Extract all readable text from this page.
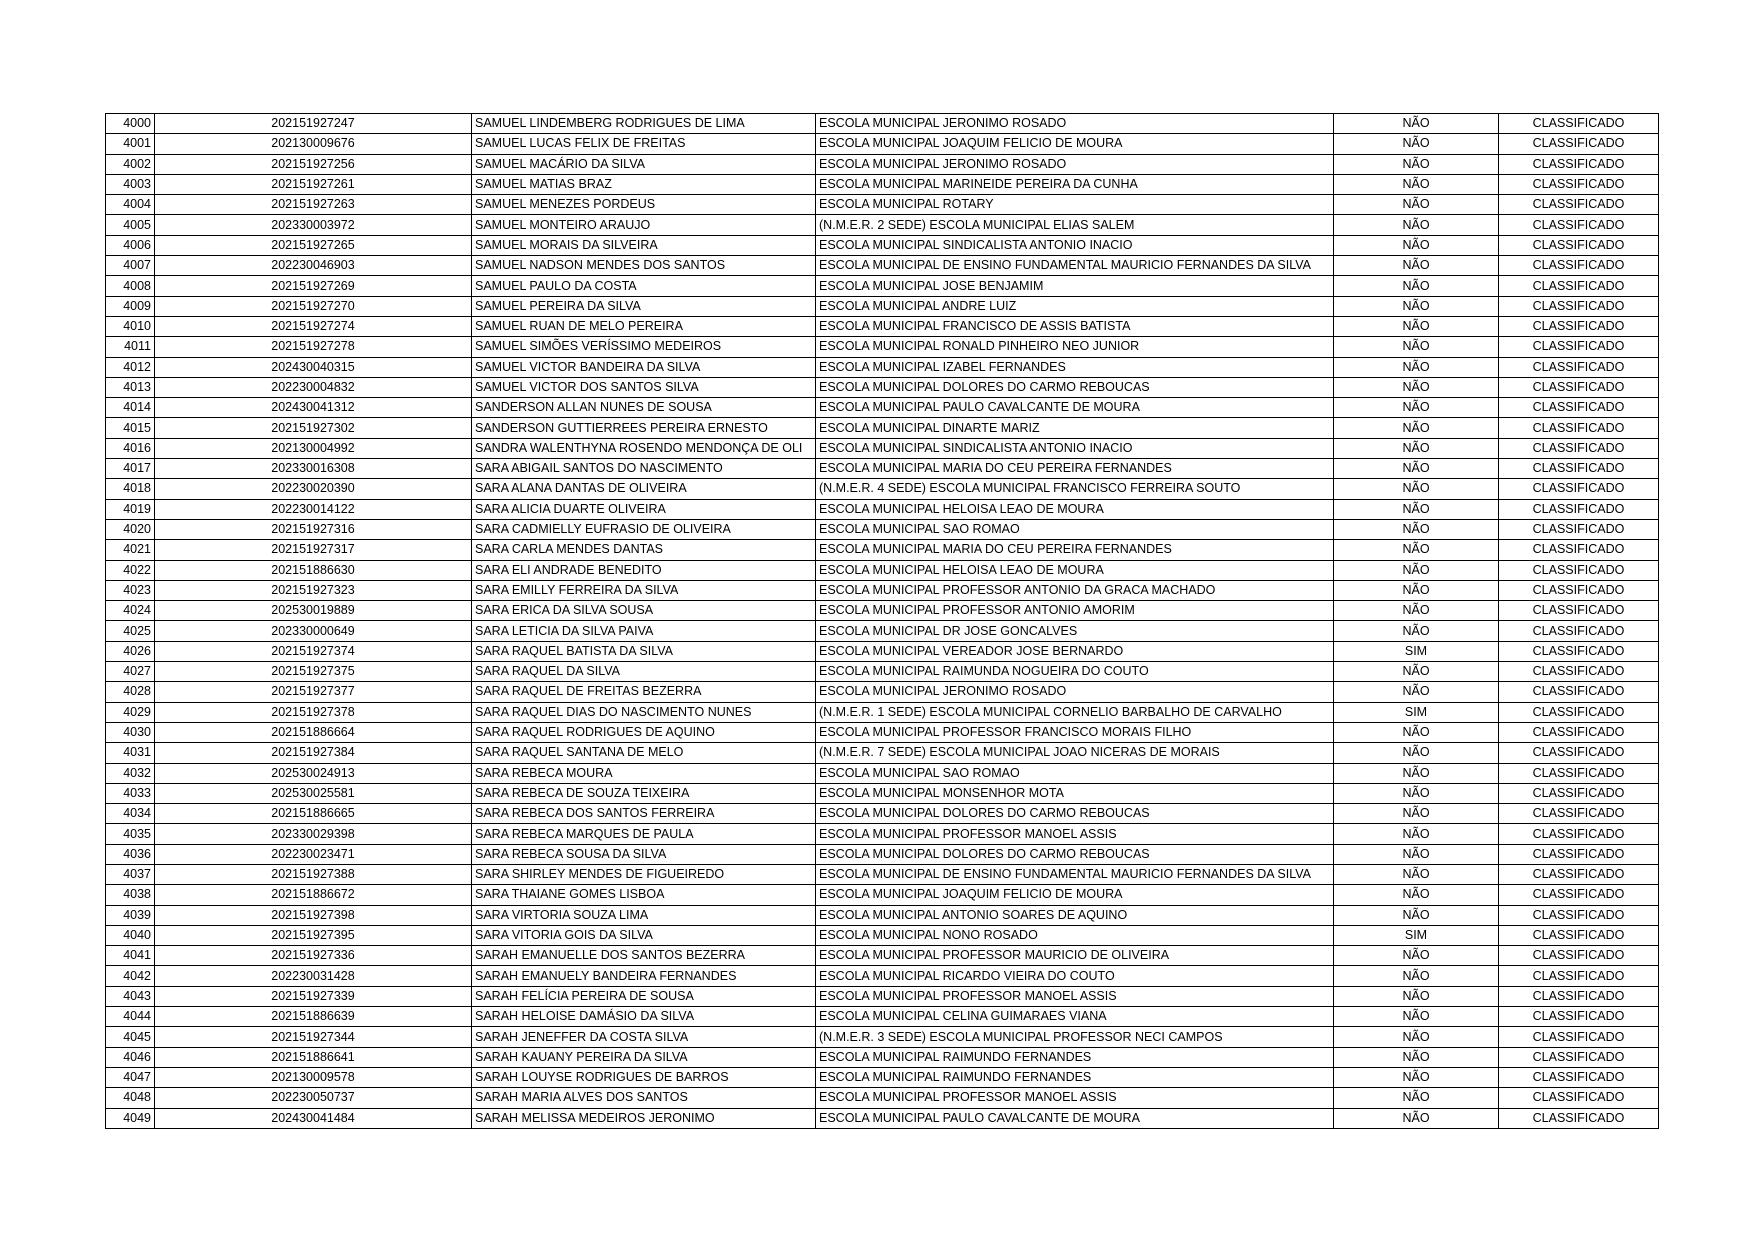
4000	202151927247	SAMUEL LINDEMBERG RODRIGUES DE LIMA	ESCOLA MUNICIPAL JERONIMO ROSADO	NÃO	CLASSIFICADO
4001	202130009676	SAMUEL LUCAS FELIX DE FREITAS	ESCOLA MUNICIPAL JOAQUIM FELICIO DE MOURA	NÃO	CLASSIFICADO
4002	202151927256	SAMUEL MACÁRIO DA SILVA	ESCOLA MUNICIPAL JERONIMO ROSADO	NÃO	CLASSIFICADO
4003	202151927261	SAMUEL MATIAS BRAZ	ESCOLA MUNICIPAL MARINEIDE PEREIRA DA CUNHA	NÃO	CLASSIFICADO
4004	202151927263	SAMUEL MENEZES PORDEUS	ESCOLA MUNICIPAL ROTARY	NÃO	CLASSIFICADO
4005	202330003972	SAMUEL MONTEIRO ARAUJO	(N.M.E.R. 2 SEDE) ESCOLA MUNICIPAL ELIAS SALEM	NÃO	CLASSIFICADO
4006	202151927265	SAMUEL MORAIS DA SILVEIRA	ESCOLA MUNICIPAL SINDICALISTA ANTONIO INACIO	NÃO	CLASSIFICADO
4007	202230046903	SAMUEL NADSON MENDES DOS SANTOS	ESCOLA MUNICIPAL DE ENSINO FUNDAMENTAL MAURICIO FERNANDES DA SILVA	NÃO	CLASSIFICADO
4008	202151927269	SAMUEL PAULO DA COSTA	ESCOLA MUNICIPAL JOSE BENJAMIM	NÃO	CLASSIFICADO
4009	202151927270	SAMUEL PEREIRA DA SILVA	ESCOLA MUNICIPAL ANDRE LUIZ	NÃO	CLASSIFICADO
4010	202151927274	SAMUEL RUAN DE MELO PEREIRA	ESCOLA MUNICIPAL FRANCISCO DE ASSIS BATISTA	NÃO	CLASSIFICADO
4011	202151927278	SAMUEL SIMÕES VERÍSSIMO MEDEIROS	ESCOLA MUNICIPAL RONALD PINHEIRO NEO JUNIOR	NÃO	CLASSIFICADO
4012	202430040315	SAMUEL VICTOR BANDEIRA DA SILVA	ESCOLA MUNICIPAL IZABEL FERNANDES	NÃO	CLASSIFICADO
4013	202230004832	SAMUEL VICTOR DOS SANTOS SILVA	ESCOLA MUNICIPAL DOLORES DO CARMO REBOUCAS	NÃO	CLASSIFICADO
4014	202430041312	SANDERSON ALLAN NUNES DE SOUSA	ESCOLA MUNICIPAL PAULO CAVALCANTE DE MOURA	NÃO	CLASSIFICADO
4015	202151927302	SANDERSON GUTTIERREES PEREIRA ERNESTO	ESCOLA MUNICIPAL DINARTE MARIZ	NÃO	CLASSIFICADO
4016	202130004992	SANDRA WALENTHYNA ROSENDO MENDONÇA DE OLI	ESCOLA MUNICIPAL SINDICALISTA ANTONIO INACIO	NÃO	CLASSIFICADO
4017	202330016308	SARA ABIGAIL SANTOS DO NASCIMENTO	ESCOLA MUNICIPAL MARIA DO CEU PEREIRA FERNANDES	NÃO	CLASSIFICADO
4018	202230020390	SARA ALANA DANTAS DE OLIVEIRA	(N.M.E.R. 4 SEDE) ESCOLA MUNICIPAL FRANCISCO FERREIRA SOUTO	NÃO	CLASSIFICADO
4019	202230014122	SARA ALICIA DUARTE OLIVEIRA	ESCOLA MUNICIPAL HELOISA LEAO DE MOURA	NÃO	CLASSIFICADO
4020	202151927316	SARA CADMIELLY EUFRASIO DE OLIVEIRA	ESCOLA MUNICIPAL SAO ROMAO	NÃO	CLASSIFICADO
4021	202151927317	SARA CARLA MENDES DANTAS	ESCOLA MUNICIPAL MARIA DO CEU PEREIRA FERNANDES	NÃO	CLASSIFICADO
4022	202151886630	SARA ELI ANDRADE BENEDITO	ESCOLA MUNICIPAL HELOISA LEAO DE MOURA	NÃO	CLASSIFICADO
4023	202151927323	SARA EMILLY FERREIRA DA SILVA	ESCOLA MUNICIPAL PROFESSOR ANTONIO DA GRACA MACHADO	NÃO	CLASSIFICADO
4024	202530019889	SARA ERICA DA SILVA SOUSA	ESCOLA MUNICIPAL PROFESSOR ANTONIO AMORIM	NÃO	CLASSIFICADO
4025	202330000649	SARA LETICIA DA SILVA PAIVA	ESCOLA MUNICIPAL DR JOSE GONCALVES	NÃO	CLASSIFICADO
4026	202151927374	SARA RAQUEL BATISTA DA SILVA	ESCOLA MUNICIPAL VEREADOR JOSE BERNARDO	SIM	CLASSIFICADO
4027	202151927375	SARA RAQUEL DA SILVA	ESCOLA MUNICIPAL RAIMUNDA NOGUEIRA DO COUTO	NÃO	CLASSIFICADO
4028	202151927377	SARA RAQUEL DE FREITAS BEZERRA	ESCOLA MUNICIPAL JERONIMO ROSADO	NÃO	CLASSIFICADO
4029	202151927378	SARA RAQUEL DIAS DO NASCIMENTO NUNES	(N.M.E.R. 1 SEDE) ESCOLA MUNICIPAL CORNELIO BARBALHO DE CARVALHO	SIM	CLASSIFICADO
4030	202151886664	SARA RAQUEL RODRIGUES DE AQUINO	ESCOLA MUNICIPAL PROFESSOR FRANCISCO MORAIS FILHO	NÃO	CLASSIFICADO
4031	202151927384	SARA RAQUEL SANTANA DE MELO	(N.M.E.R. 7 SEDE) ESCOLA MUNICIPAL JOAO NICERAS DE MORAIS	NÃO	CLASSIFICADO
4032	202530024913	SARA REBECA MOURA	ESCOLA MUNICIPAL SAO ROMAO	NÃO	CLASSIFICADO
4033	202530025581	SARA REBECA DE SOUZA TEIXEIRA	ESCOLA MUNICIPAL MONSENHOR MOTA	NÃO	CLASSIFICADO
4034	202151886665	SARA REBECA DOS SANTOS FERREIRA	ESCOLA MUNICIPAL DOLORES DO CARMO REBOUCAS	NÃO	CLASSIFICADO
4035	202330029398	SARA REBECA MARQUES DE PAULA	ESCOLA MUNICIPAL PROFESSOR MANOEL ASSIS	NÃO	CLASSIFICADO
4036	202230023471	SARA REBECA SOUSA DA SILVA	ESCOLA MUNICIPAL DOLORES DO CARMO REBOUCAS	NÃO	CLASSIFICADO
4037	202151927388	SARA SHIRLEY MENDES DE FIGUEIREDO	ESCOLA MUNICIPAL DE ENSINO FUNDAMENTAL MAURICIO FERNANDES DA SILVA	NÃO	CLASSIFICADO
4038	202151886672	SARA THAIANE GOMES LISBOA	ESCOLA MUNICIPAL JOAQUIM FELICIO DE MOURA	NÃO	CLASSIFICADO
4039	202151927398	SARA VIRTORIA SOUZA LIMA	ESCOLA MUNICIPAL ANTONIO SOARES DE AQUINO	NÃO	CLASSIFICADO
4040	202151927395	SARA VITORIA GOIS DA SILVA	ESCOLA MUNICIPAL NONO ROSADO	SIM	CLASSIFICADO
4041	202151927336	SARAH EMANUELLE DOS SANTOS BEZERRA	ESCOLA MUNICIPAL PROFESSOR MAURICIO DE OLIVEIRA	NÃO	CLASSIFICADO
4042	202230031428	SARAH EMANUELY BANDEIRA FERNANDES	ESCOLA MUNICIPAL RICARDO VIEIRA DO COUTO	NÃO	CLASSIFICADO
4043	202151927339	SARAH FELÍCIA PEREIRA DE SOUSA	ESCOLA MUNICIPAL PROFESSOR MANOEL ASSIS	NÃO	CLASSIFICADO
4044	202151886639	SARAH HELOISE DAMÁSIO DA SILVA	ESCOLA MUNICIPAL CELINA GUIMARAES VIANA	NÃO	CLASSIFICADO
4045	202151927344	SARAH JENEFFER DA COSTA SILVA	(N.M.E.R. 3 SEDE) ESCOLA MUNICIPAL PROFESSOR NECI CAMPOS	NÃO	CLASSIFICADO
4046	202151886641	SARAH KAUANY PEREIRA DA SILVA	ESCOLA MUNICIPAL RAIMUNDO FERNANDES	NÃO	CLASSIFICADO
4047	202130009578	SARAH LOUYSE RODRIGUES DE BARROS	ESCOLA MUNICIPAL RAIMUNDO FERNANDES	NÃO	CLASSIFICADO
4048	202230050737	SARAH MARIA ALVES DOS SANTOS	ESCOLA MUNICIPAL PROFESSOR MANOEL ASSIS	NÃO	CLASSIFICADO
4049	202430041484	SARAH MELISSA MEDEIROS JERONIMO	ESCOLA MUNICIPAL PAULO CAVALCANTE DE MOURA	NÃO	CLASSIFICADO
